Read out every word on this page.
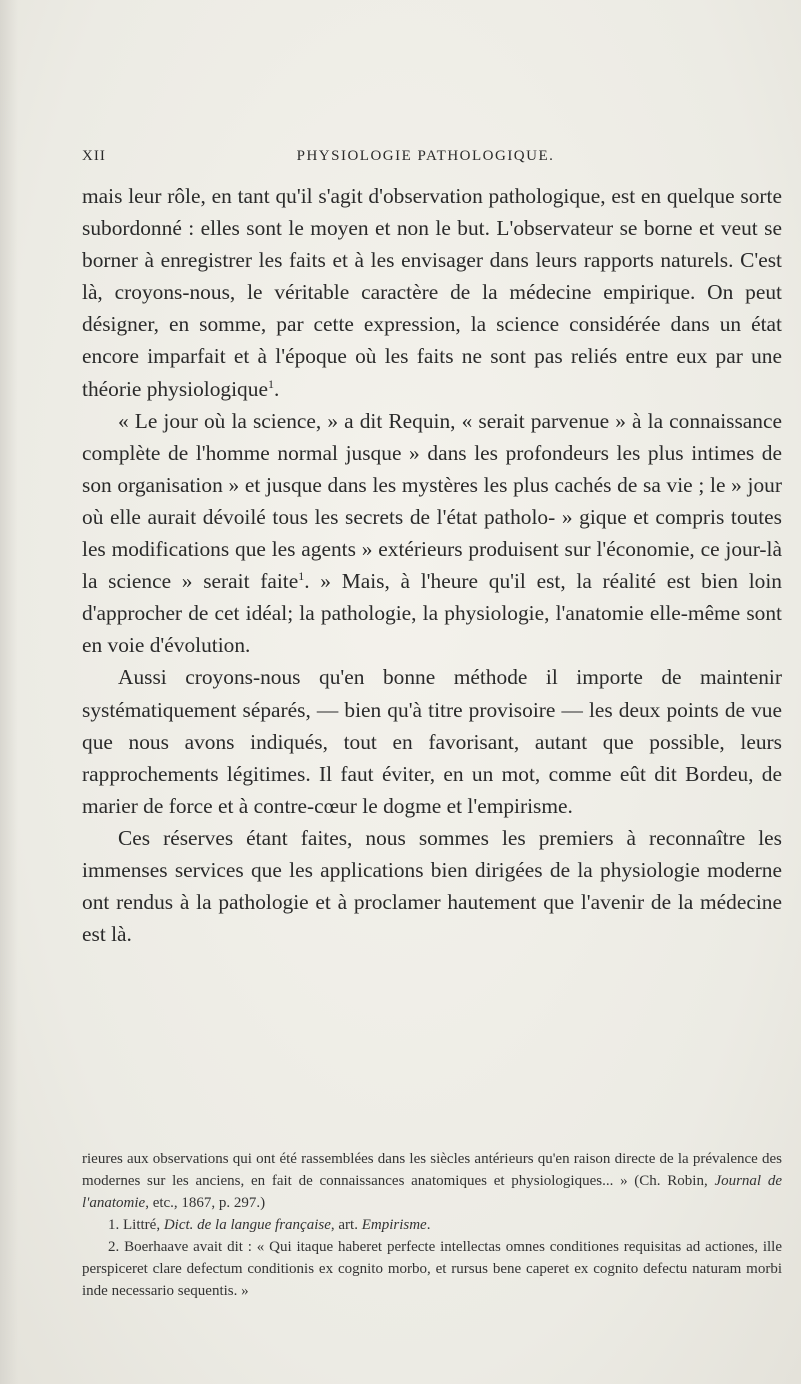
XII	PHYSIOLOGIE PATHOLOGIQUE.

mais leur rôle, en tant qu'il s'agit d'observation pathologique, est en quelque sorte subordonné : elles sont le moyen et non le but. L'observateur se borne et veut se borner à enregistrer les faits et à les envisager dans leurs rapports naturels. C'est là, croyons-nous, le véritable caractère de la médecine empirique. On peut désigner, en somme, par cette expression, la science considérée dans un état encore imparfait et à l'époque où les faits ne sont pas reliés entre eux par une théorie physiologique$^1$.

« Le jour où la science, » a dit Requin, « serait parvenue » à la connaissance complète de l'homme normal jusque » dans les profondeurs les plus intimes de son organisation » et jusque dans les mystères les plus cachés de sa vie ; le » jour où elle aurait dévoilé tous les secrets de l'état patholo- » gique et compris toutes les modifications que les agents » extérieurs produisent sur l'économie, ce jour-là la science » serait faite$^1$. » Mais, à l'heure qu'il est, la réalité est bien loin d'approcher de cet idéal; la pathologie, la physiologie, l'anatomie elle-même sont en voie d'évolution.

Aussi croyons-nous qu'en bonne méthode il importe de maintenir systématiquement séparés, — bien qu'à titre provisoire — les deux points de vue que nous avons indiqués, tout en favorisant, autant que possible, leurs rapprochements légitimes. Il faut éviter, en un mot, comme eût dit Bordeu, de marier de force et à contre-cœur le dogme et l'empirisme.

Ces réserves étant faites, nous sommes les premiers à reconnaître les immenses services que les applications bien dirigées de la physiologie moderne ont rendus à la pathologie et à proclamer hautement que l'avenir de la médecine est là.

rieures aux observations qui ont été rassemblées dans les siècles antérieurs qu'en raison directe de la prévalence des modernes sur les anciens, en fait de connaissances anatomiques et physiologiques... » (Ch. Robin, Journal de l'anatomie, etc., 1867, p. 297.)

1. Littré, Dict. de la langue française, art. Empirisme.

2. Boerhaave avait dit : « Qui itaque haberet perfecte intellectas omnes conditiones requisitas ad actiones, ille perspiceret clare defectum conditionis ex cognito morbo, et rursus bene caperet ex cognito defectu naturam morbi inde necessario sequentis. »
